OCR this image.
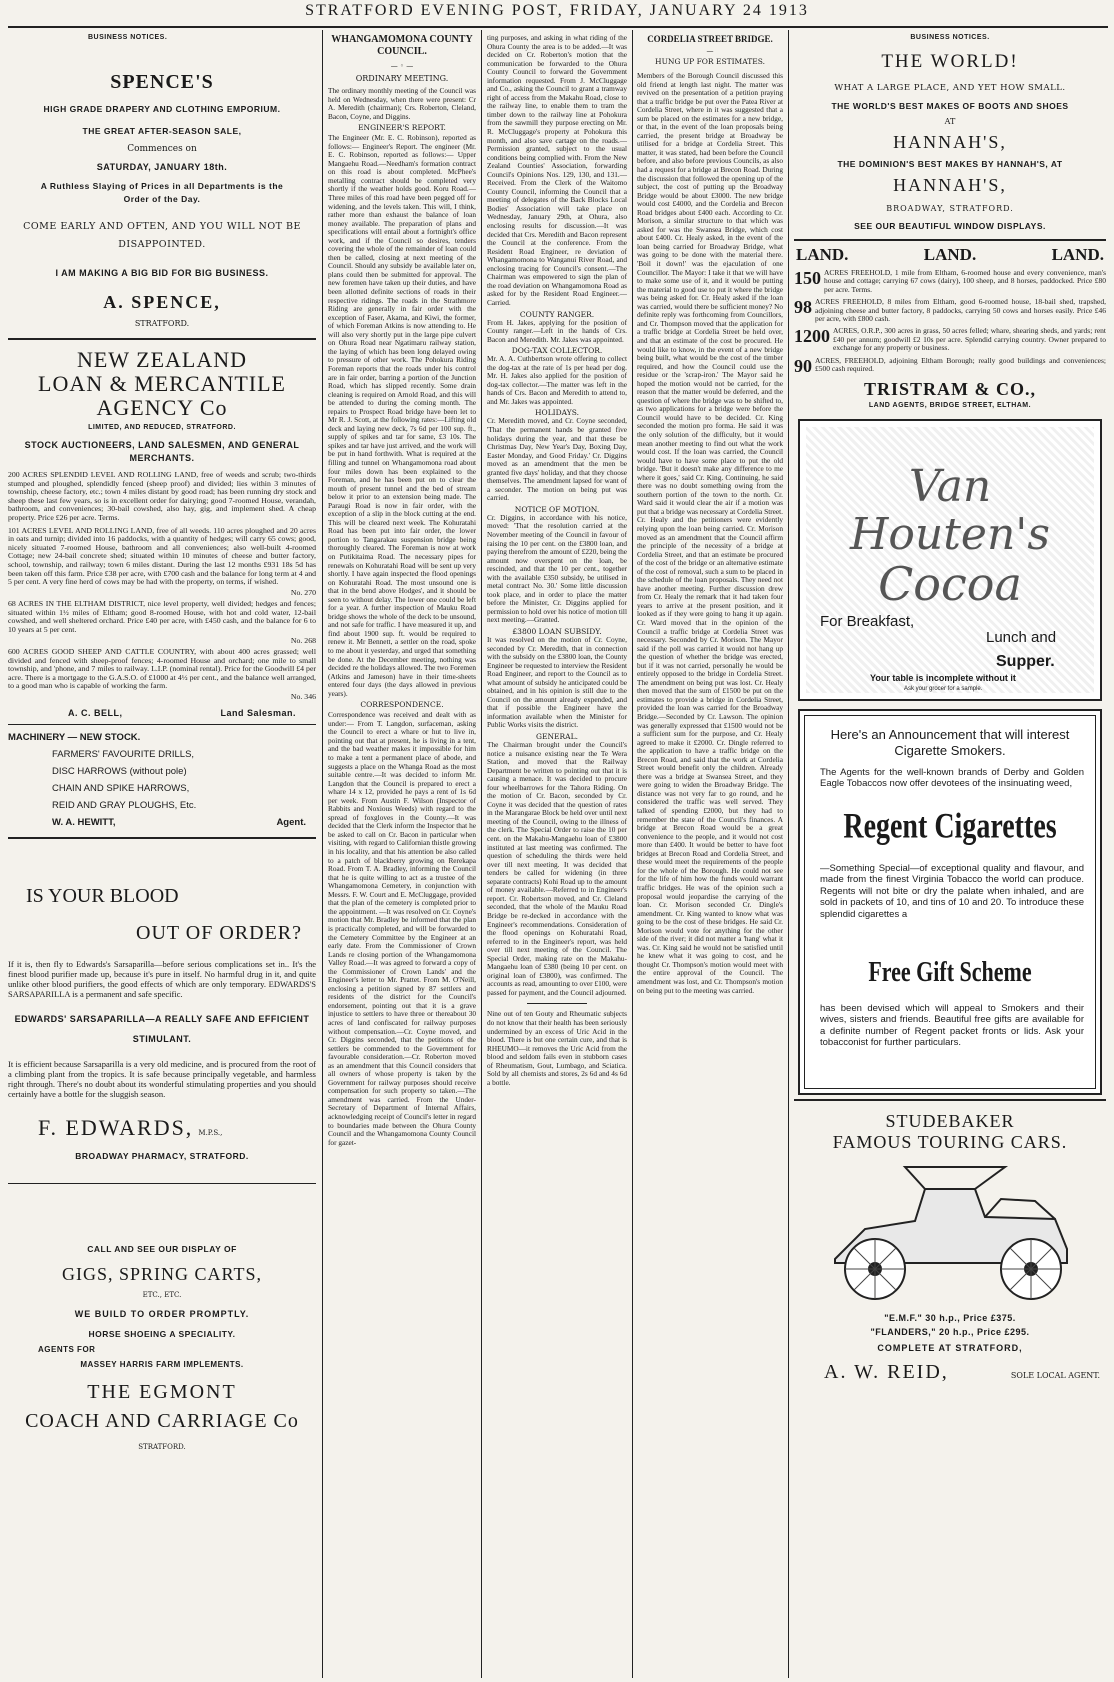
STRATFORD EVENING POST, FRIDAY, JANUARY 24 1913
BUSINESS NOTICES.
SPENCE'S
HIGH GRADE DRAPERY AND CLOTHING EMPORIUM.
THE GREAT AFTER-SEASON SALE,
Commences on
SATURDAY, JANUARY 18th.
A Ruthless Slaying of Prices in all Departments is the Order of the Day.
COME EARLY AND OFTEN, AND YOU WILL NOT BE DISAPPOINTED.
I AM MAKING A BIG BID FOR BIG BUSINESS.
A. SPENCE,
STRATFORD.
NEW ZEALAND
LOAN & MERCANTILE
AGENCY Co
LIMITED, AND REDUCED, STRATFORD.
STOCK AUCTIONEERS, LAND SALESMEN, AND GENERAL MERCHANTS.
200 ACRES SPLENDID LEVEL AND ROLLING LAND, free of weeds and scrub; two-thirds stumped and ploughed, splendidly fenced (sheep proof) and divided; lies within 3 minutes of township, cheese factory, etc.; town 4 miles distant by good road; has been running dry stock and sheep these last few years, so is in excellent order for dairying; good 7-roomed House, verandah, bathroom, and conveniences; 30-bail cowshed, also hay, gig, and implement shed. A cheap property. Price £26 per acre. Terms.
101 ACRES LEVEL AND ROLLING LAND, free of all weeds. 110 acres ploughed and 20 acres in oats and turnip; divided into 16 paddocks, with a quantity of hedges; will carry 65 cows; good, nicely situated 7-roomed House, bathroom and all conveniences; also well-built 4-roomed Cottage; new 24-bail concrete shed; situated within 10 minutes of cheese and butter factory, school, township, and railway; town 6 miles distant. During the last 12 months £931 18s 5d has been taken off this farm. Price £38 per acre, with £700 cash and the balance for long term at 4 and 5 per cent. A very fine herd of cows may be had with the property, on terms, if wished.
No. 270
68 ACRES IN THE ELTHAM DISTRICT, nice level property, well divided; hedges and fences; situated within 1½ miles of Eltham; good 8-roomed House, with hot and cold water, 12-bail cowshed, and well sheltered orchard. Price £40 per acre, with £450 cash, and the balance for 6 to 10 years at 5 per cent.
No. 268
600 ACRES GOOD SHEEP AND CATTLE COUNTRY, with about 400 acres grassed; well divided and fenced with sheep-proof fences; 4-roomed House and orchard; one mile to small township, and 'phone, and 7 miles to railway. L.I.P. (nominal rental). Price for the Goodwill £4 per acre. There is a mortgage to the G.A.S.O. of £1000 at 4½ per cent., and the balance well arranged, to a good man who is capable of working the farm.
No. 346
A. C. BELL,	Land Salesman.
MACHINERY — NEW STOCK.
FARMERS' FAVOURITE DRILLS,
DISC HARROWS (without pole)
CHAIN AND SPIKE HARROWS,
REID AND GRAY PLOUGHS, Etc.
W. A. HEWITT,	Agent.
IS YOUR BLOOD
OUT OF ORDER?
If it is, then fly to Edwards's Sarsaparilla—before serious complications set in.. It's the finest blood purifier made up, because it's pure in itself. No harmful drug in it, and quite unlike other blood purifiers, the good effects of which are only temporary. EDWARDS'S SARSAPARILLA is a permanent and safe specific.
EDWARDS' SARSAPARILLA—A REALLY SAFE AND EFFICIENT STIMULANT.
It is efficient because Sarsaparilla is a very old medicine, and is procured from the root of a climbing plant from the tropics. It is safe because principally vegetable, and harmless right through. There's no doubt about its wonderful stimulating properties and you should certainly have a bottle for the sluggish season.
F. EDWARDS, M.P.S.,
BROADWAY PHARMACY, STRATFORD.
CALL AND SEE OUR DISPLAY OF
GIGS, SPRING CARTS,
ETC., ETC.
WE BUILD TO ORDER PROMPTLY.
HORSE SHOEING A SPECIALITY.
AGENTS FOR
MASSEY HARRIS FARM IMPLEMENTS.
THE EGMONT
COACH AND CARRIAGE Co
STRATFORD.
WHANGAMOMONA COUNTY COUNCIL.
— ◦ —
ORDINARY MEETING.
The ordinary monthly meeting of the Council was held on Wednesday, when there were present: Cr A. Meredith (chairman); Crs. Roberton, Cleland, Bacon, Coyne, and Diggins.
ENGINEER'S REPORT.
The Engineer (Mr. E. C. Robinson), reported as follows:— Engineer's Report. The engineer (Mr. E. C. Robinson, reported as follows:— Upper Mangaehu Road.—Needham's formation contract on this road is about completed. McPhee's metalling contract should be completed very shortly if the weather holds good. Koru Road.—Three miles of this road have been pegged off for widening, and the levels taken. This will, I think, rather more than exhaust the balance of loan money available. The preparation of plans and specifications will entail about a fortnight's office work, and if the Council so desires, tenders covering the whole of the remainder of loan could then be called, closing at next meeting of the Council. Should any subsidy be available later on, plans could then be submitted for approval. The new foremen have taken up their duties, and have been allotted definite sections of roads in their respective ridings. The roads in the Strathmore Riding are generally in fair order with the exception of Faser, Akama, and Kiwi, the former, of which Foreman Atkins is now attending to. He will also very shortly put in the large pipe culvert on Ohura Road near Ngatimaru railway station, the laying of which has been long delayed owing to pressure of other work. The Pohokura Riding Foreman reports that the roads under his control are in fair order, barring a portion of the Junction Road, which has slipped recently. Some drain cleaning is required on Arnold Road, and this will be attended to during the coming month. The repairs to Prospect Road bridge have been let to Mr R. J. Scott, at the following rates:—Lifting old deck and laying new deck, 7s 6d per 100 sup. ft., supply of spikes and tar for same, £3 10s. The spikes and tar have just arrived, and the work will be put in hand forthwith. What is required at the filling and tunnel on Whangamomona road about four miles down has been explained to the Foreman, and he has been put on to clear the mouth of present tunnel and the bed of stream below it prior to an extension being made. The Paraugi Road is now in fair order, with the exception of a slip in the block cutting at the end. This will be cleared next week. The Kohuratahi Road has been put into fair order, the lower portion to Tangarakau suspension bridge being thoroughly cleared. The Foreman is now at work on Putikitaima Road. The necessary pipes for renewals on Kohuratahi Road will be sent up very shortly. I have again inspected the flood openings on Kohuratahi Road. The most unsound one is that in the bend above Hodges', and it should be seen to without delay. The lower one could be left for a year. A further inspection of Mauku Road bridge shows the whole of the deck to be unsound, and not safe for traffic. I have measured it up, and find about 1900 sup. ft. would be required to renew it. Mr Bennett, a settler on the road, spoke to me about it yesterday, and urged that something be done. At the December meeting, nothing was decided re the holidays allowed. The two Foremen (Atkins and Jameson) have in their time-sheets entered four days (the days allowed in previous years).
CORRESPONDENCE.
Correspondence was received and dealt with as under:— From T. Langdon, surfaceman, asking the Council to erect a whare or hut to live in, pointing out that at present, he is living in a tent, and the bad weather makes it impossible for him to make a tent a permanent place of abode, and suggests a place on the Whanga Road as the most suitable centre.—It was decided to inform Mr. Langdon that the Council is prepared to erect a whare 14 x 12, provided he pays a rent of 1s 6d per week. From Austin F. Wilson (Inspector of Rabbits and Noxious Weeds) with regard to the spread of foxgloves in the County.—It was decided that the Clerk inform the Inspector that he be asked to call on Cr. Bacon in particular when visiting, with regard to Californian thistle growing in his locality, and that his attention be also called to a patch of blackberry growing on Rerekapa Road. From T. A. Bradley, informing the Council that he is quite willing to act as a trustee of the Whangamomona Cemetery, in conjunction with Messrs. F. W. Court and E. McCluggage, provided that the plan of the cemetery is completed prior to the appointment. —It was resolved on Cr. Coyne's motion that Mr. Bradley be informed that the plan is practically completed, and will be forwarded to the Cemetery Committee by the Engineer at an early date. From the Commissioner of Crown Lands re closing portion of the Whangamomona Valley Road.—It was agreed to forward a copy of the Commissioner of Crown Lands' and the Engineer's letter to Mr. Prattet. From M. O'Neill, enclosing a petition signed by 87 settlers and residents of the district for the Council's endorsement, pointing out that it is a grave injustice to settlers to have three or thereabout 30 acres of land confiscated for railway purposes without compensation.—Cr. Coyne moved, and Cr. Diggins seconded, that the petitions of the settlers be commended to the Government for favourable consideration.—Cr. Roberton moved as an amendment that this Council considers that all owners of whose property is taken by the Government for railway purposes should receive compensation for such property so taken.—The amendment was carried. From the Under-Secretary of Department of Internal Affairs, acknowledging receipt of Council's letter in regard to boundaries made between the Ohura County Council and the Whangamomona County Council for gazet-
ting purposes, and asking in what riding of the Ohura County the area is to be added.—It was decided on Cr. Roberton's motion that the communication be forwarded to the Ohura County Council to forward the Government information requested. From J. McCluggage and Co., asking the Council to grant a tramway right of access from the Makahu Road, close to the railway line, to enable them to tram the timber down to the railway line at Pohokura from the sawmill they purpose erecting on Mr. R. McCluggage's property at Pohokura this month, and also save cartage on the roads.—Permission granted, subject to the usual conditions being complied with. From the New Zealand Counties' Association, forwarding Council's Opinions Nos. 129, 130, and 131.—Received. From the Clerk of the Waitomo County Council, informing the Council that a meeting of delegates of the Back Blocks Local Bodies' Association will take place on Wednesday, January 29th, at Ohura, also enclosing results for discussion.—It was decided that Crs. Meredith and Bacon represent the Council at the conference. From the Resident Road Engineer, re deviation of Whangamomona to Wanganui River Road, and enclosing tracing for Council's consent.—The Chairman was empowered to sign the plan of the road deviation on Whangamomona Road as asked for by the Resident Road Engineer.—Carried.
COUNTY RANGER.
From H. Jakes, applying for the position of County ranger.—Left in the hands of Crs. Bacon and Meredith. Mr. Jakes was appointed.
DOG-TAX COLLECTOR.
Mr. A. A. Cuthbertson wrote offering to collect the dog-tax at the rate of 1s per head per dog. Mr. H. Jakes also applied for the position of dog-tax collector.—The matter was left in the hands of Crs. Bacon and Meredith to attend to, and Mr. Jakes was appointed.
HOLIDAYS.
Cr. Meredith moved, and Cr. Coyne seconded, 'That the permanent hands be granted five holidays during the year, and that these be Christmas Day, New Year's Day, Boxing Day, Easter Monday, and Good Friday.' Cr. Diggins moved as an amendment that the men be granted five days' holiday, and that they choose themselves. The amendment lapsed for want of a seconder. The motion on being put was carried.
NOTICE OF MOTION.
Cr. Diggins, in accordance with his notice, moved: 'That the resolution carried at the November meeting of the Council in favour of raising the 10 per cent. on the £3800 loan, and paying therefrom the amount of £220, being the amount now overspent on the loan, be rescinded, and that the 10 per cent., together with the available £350 subsidy, be utilised in metal contract No. 30.' Some little discussion took place, and in order to place the matter before the Minister, Cr. Diggins applied for permission to hold over his notice of motion till next meeting.—Granted.
£3800 LOAN SUBSIDY.
It was resolved on the motion of Cr. Coyne, seconded by Cr. Meredith, that in connection with the subsidy on the £3800 loan, the County Engineer be requested to interview the Resident Road Engineer, and report to the Council as to what amount of subsidy he anticipated could be obtained, and in his opinion is still due to the Council on the amount already expended, and that if possible the Engineer have the information available when the Minister for Public Works visits the district.
GENERAL.
The Chairman brought under the Council's notice a nuisance existing near the Te Wera Station, and moved that the Railway Department be written to pointing out that it is causing a menace. It was decided to procure four wheelbarrows for the Tahora Riding. On the motion of Cr. Bacon, seconded by Cr. Coyne it was decided that the question of rates in the Marangarae Block be held over until next meeting of the Council, owing to the illness of the clerk. The Special Order to raise the 10 per cent. on the Makahu-Mangaehu loan of £3800 instituted at last meeting was confirmed. The question of scheduling the thirds were held over till next meeting. It was decided that tenders be called for widening (in three separate contracts) Kohi Road up to the amount of money available.—Referred to in Engineer's report. Cr. Robertson moved, and Cr. Cleland seconded, that the whole of the Mauku Road Bridge be re-decked in accordance with the Engineer's recommendations. Consideration of the flood openings on Kohuratahi Road, referred to in the Engineer's report, was held over till next meeting of the Council. The Special Order, making rate on the Makahu-Mangaehu loan of £380 (being 10 per cent. on original loan of £3800), was confirmed. The accounts as read, amounting to over £100, were passed for payment, and the Council adjourned.
Nine out of ten Gouty and Rheumatic subjects do not know that their health has been seriously undermined by an excess of Uric Acid in the blood. There is but one certain cure, and that is RHEUMO—it removes the Uric Acid from the blood and seldom fails even in stubborn cases of Rheumatism, Gout, Lumbago, and Sciatica. Sold by all chemists and stores, 2s 6d and 4s 6d a bottle.
CORDELIA STREET BRIDGE.
—
HUNG UP FOR ESTIMATES.
Members of the Borough Council discussed this old friend at length last night. The matter was revived on the presentation of a petition praying that a traffic bridge be put over the Patea River at Cordelia Street, where in it was suggested that a sum be placed on the estimates for a new bridge, or that, in the event of the loan proposals being carried, the present bridge at Broadway be utilised for a bridge at Cordelia Street. This matter, it was stated, had been before the Council before, and also before previous Councils, as also had a request for a bridge at Brecon Road. During the discussion that followed the opening up of the subject, the cost of putting up the Broadway Bridge would be about £3000. The new bridge would cost £4000, and the Cordelia and Brecon Road bridges about £400 each. According to Cr. Morison, a similar structure to that which was asked for was the Swansea Bridge, which cost about £400. Cr. Healy asked, in the event of the loan being carried for Broadway Bridge, what was going to be done with the material there. 'Boil it down!' was the ejaculation of one Councillor. The Mayor: I take it that we will have to make some use of it, and it would be putting the material to good use to put it where the bridge was being asked for. Cr. Healy asked if the loan was carried, would there be sufficient money? No definite reply was forthcoming from Councillors, and Cr. Thompson moved that the application for a traffic bridge at Cordelia Street be held over, and that an estimate of the cost be procured. He would like to know, in the event of a new bridge being built, what would be the cost of the timber required, and how the Council could use the residue or the 'scrap-iron.' The Mayor said he hoped the motion would not be carried, for the reason that the matter would be deferred, and the question of where the bridge was to be shifted to, as two applications for a bridge were before the Council would have to be decided. Cr. King seconded the motion pro forma. He said it was the only solution of the difficulty, but it would mean another meeting to find out what the work would cost. If the loan was carried, the Council would have to have some place to put the old bridge. 'But it doesn't make any difference to me where it goes,' said Cr. King. Continuing, he said there was no doubt something owing from the southern portion of the town to the north. Cr. Ward said it would clear the air if a motion was put that a bridge was necessary at Cordelia Street. Cr. Healy and the petitioners were evidently relying upon the loan being carried. Cr. Morison moved as an amendment that the Council affirm the principle of the necessity of a bridge at Cordelia Street, and that an estimate be procured of the cost of the bridge or an alternative estimate of the cost of removal, such a sum to be placed in the schedule of the loan proposals. They need not have another meeting. Further discussion drew from Cr. Healy the remark that it had taken four years to arrive at the present position, and it looked as if they were going to hang it up again. Cr. Ward moved that in the opinion of the Council a traffic bridge at Cordelia Street was necessary. Seconded by Cr. Morison. The Mayor said if the poll was carried it would not hang up the question of whether the bridge was erected, but if it was not carried, personally he would be entirely opposed to the bridge in Cordelia Street. The amendment on being put was lost. Cr. Healy then moved that the sum of £1500 be put on the estimates to provide a bridge in Cordelia Street, provided the loan was carried for the Broadway Bridge.—Seconded by Cr. Lawson. The opinion was generally expressed that £1500 would not be a sufficient sum for the purpose, and Cr. Healy agreed to make it £2000. Cr. Dingle referred to the application to have a traffic bridge on the Brecon Road, and said that the work at Cordelia Street would benefit only the children. Already there was a bridge at Swansea Street, and they were going to widen the Broadway Bridge. The distance was not very far to go round, and he considered the traffic was well served. They talked of spending £2000, but they had to remember the state of the Council's finances. A bridge at Brecon Road would be a great convenience to the people, and it would not cost more than £400. It would be better to have foot bridges at Brecon Road and Cordelia Street, and these would meet the requirements of the people for the whole of the Borough. He could not see for the life of him how the funds would warrant traffic bridges. He was of the opinion such a proposal would jeopardise the carrying of the loan. Cr. Morison seconded Cr. Dingle's amendment. Cr. King wanted to know what was going to be the cost of these bridges. He said Cr. Morison would vote for anything for the other side of the river; it did not matter a 'hang' what it was. Cr. King said he would not be satisfied until he knew what it was going to cost, and he thought Cr. Thompson's motion would meet with the entire approval of the Council. The amendment was lost, and Cr. Thompson's motion on being put to the meeting was carried.
BUSINESS NOTICES.
THE WORLD!
WHAT A LARGE PLACE, AND YET HOW SMALL.
THE WORLD'S BEST MAKES OF BOOTS AND SHOES
AT
HANNAH'S,
THE DOMINION'S BEST MAKES BY HANNAH'S, AT
HANNAH'S,
BROADWAY, STRATFORD.
SEE OUR BEAUTIFUL WINDOW DISPLAYS.
LAND.	LAND.	LAND.
150 ACRES FREEHOLD, 1 mile from Eltham, 6-roomed house and every convenience, man's house and cottage; carrying 67 cows (dairy), 100 sheep, and 8 horses, paddocked. Price £80 per acre. Terms.
98 ACRES FREEHOLD, 8 miles from Eltham, good 6-roomed house, 18-bail shed, trapshed, adjoining cheese and butter factory, 8 paddocks, carrying 50 cows and horses easily. Price £46 per acre, with £800 cash.
1200 ACRES, O.R.P., 300 acres in grass, 50 acres felled; whare, shearing sheds, and yards; rent £40 per annum; goodwill £2 10s per acre. Splendid carrying country. Owner prepared to exchange for any property or business.
90 ACRES, FREEHOLD, adjoining Eltham Borough; really good buildings and conveniences; £500 cash required.
TRISTRAM & CO.,
LAND AGENTS, BRIDGE STREET, ELTHAM.
Van
Houten's
Cocoa
For Breakfast,
Lunch and
Supper.
Your table is incomplete without it
Ask your grocer for a sample.
Here's an Announcement that will interest Cigarette Smokers.
The Agents for the well-known brands of Derby and Golden Eagle Tobaccos now offer devotees of the insinuating weed,
Regent Cigarettes
—Something Special—of exceptional quality and flavour, and made from the finest Virginia Tobacco the world can produce. Regents will not bite or dry the palate when inhaled, and are sold in packets of 10, and tins of 10 and 20. To introduce these splendid cigarettes a
Free Gift Scheme
has been devised which will appeal to Smokers and their wives, sisters and friends. Beautiful free gifts are available for a definite number of Regent packet fronts or lids. Ask your tobacconist for further particulars.
STUDEBAKER
FAMOUS TOURING CARS.
"E.M.F." 30 h.p., Price £375.
"FLANDERS," 20 h.p., Price £295.
COMPLETE AT STRATFORD,
A. W. REID,	SOLE LOCAL AGENT.
